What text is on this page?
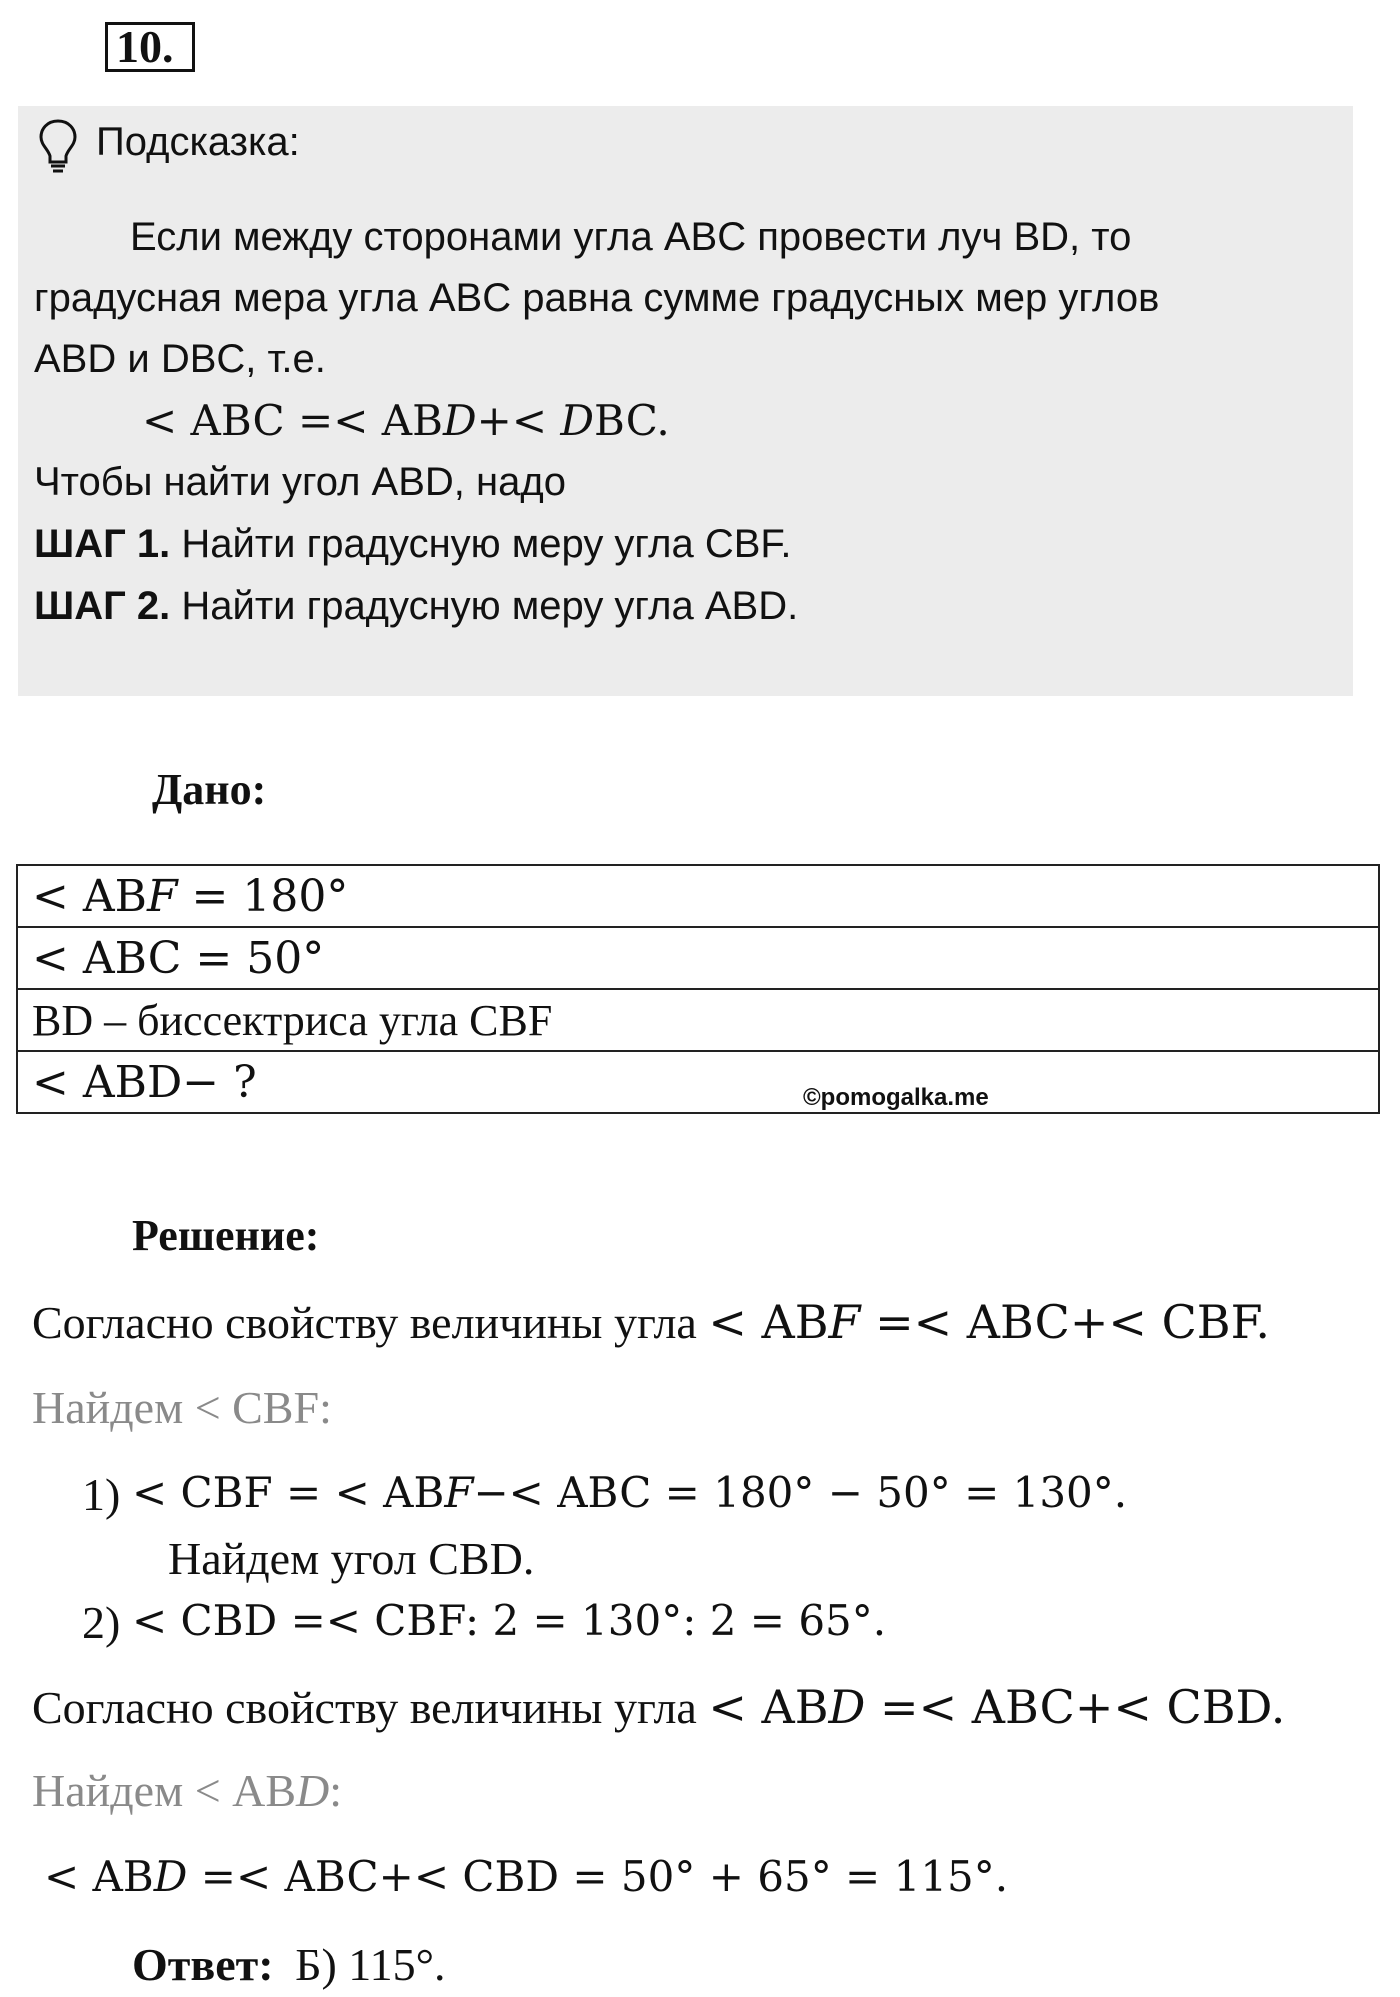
10.
Подсказка:
Если между сторонами угла ABC провести луч BD, то
градусная мера угла ABC равна сумме градусных мер углов
ABD и DBC, т.е.
< ABC =< ABD+< DBC.
Чтобы найти угол ABD, надо
ШАГ 1. Найти градусную меру угла CBF.
ШАГ 2. Найти градусную меру угла ABD.
Дано:
< ABF = 180°
< ABC = 50°
BD – биссектриса угла CBF
< ABD− ?	©pomogalka.me
Решение:
Согласно свойству величины угла < ABF =< ABC+< CBF.
Найдем < CBF:
1) < CBF = < ABF−< ABC = 180° − 50° = 130°.
Найдем угол CBD.
2) < CBD =< CBF: 2 = 130°: 2 = 65°.
Согласно свойству величины угла < ABD =< ABC+< CBD.
Найдем < ABD:
< ABD =< ABC+< CBD = 50° + 65° = 115°.
Ответ: Б) 115°.
